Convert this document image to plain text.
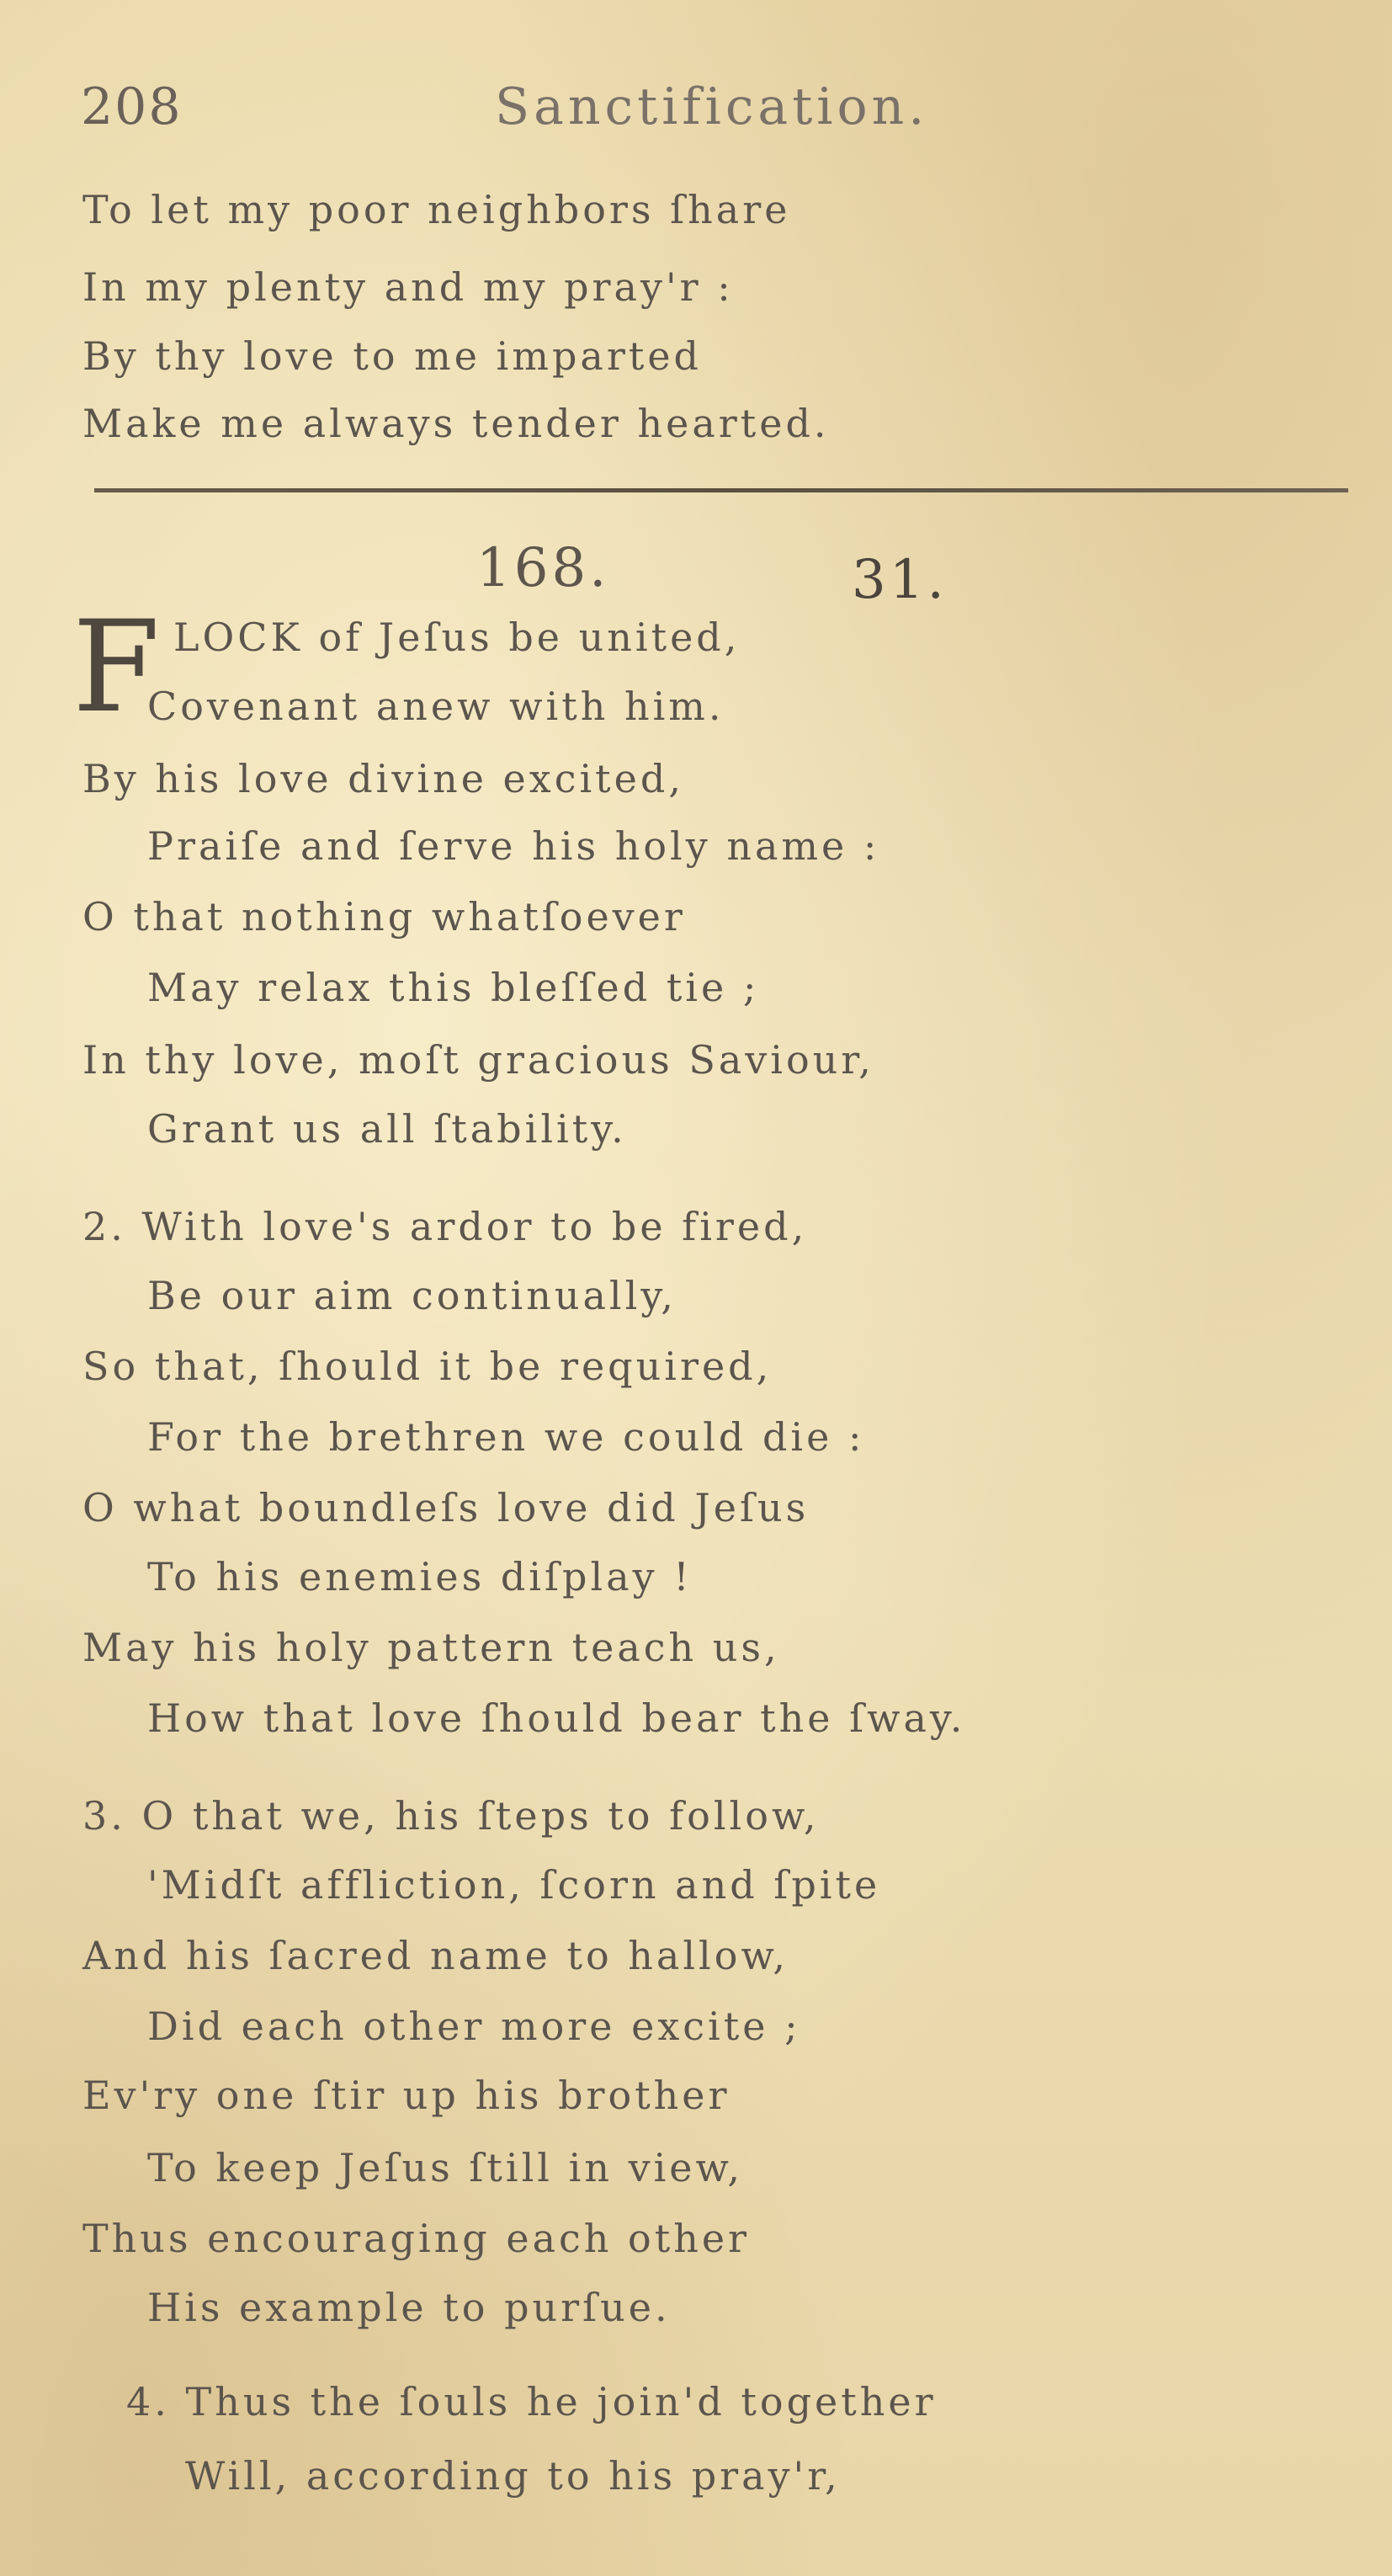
208	Sanctification.
To let my poor neighbors ſhare
In my plenty and my pray'r :
By thy love to me imparted
Make me always tender hearted.
168.	31.
F LOCK of Jeſus be united,
Covenant anew with him.
By his love divine excited,
Praiſe and ſerve his holy name :
O that nothing whatſoever
May relax this bleſſed tie ;
In thy love, moſt gracious Saviour,
Grant us all ſtability.
2. With love's ardor to be fired,
Be our aim continually,
So that, ſhould it be required,
For the brethren we could die :
O what boundleſs love did Jeſus
To his enemies diſplay !
May his holy pattern teach us,
How that love ſhould bear the ſway.
3. O that we, his ſteps to follow,
'Midſt affliction, ſcorn and ſpite
And his ſacred name to hallow,
Did each other more excite ;
Ev'ry one ſtir up his brother
To keep Jeſus ſtill in view,
Thus encouraging each other
His example to purſue.
4. Thus the ſouls he join'd together
Will, according to his pray'r,
